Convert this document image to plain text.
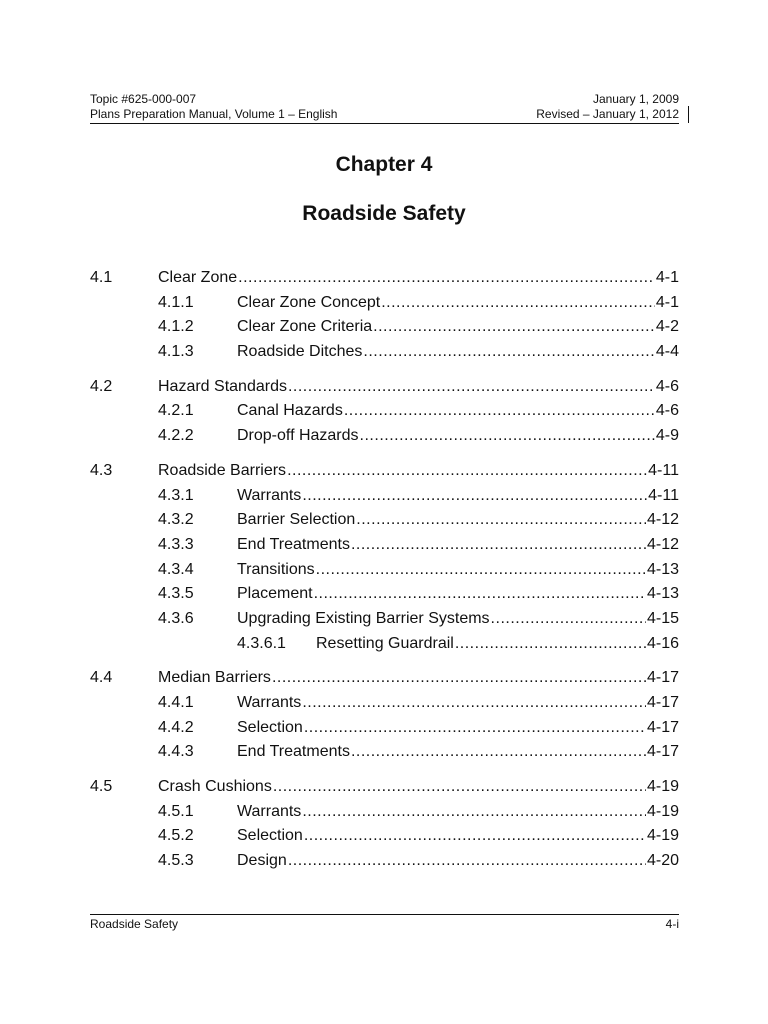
Topic #625-000-007	January 1, 2009
Plans Preparation Manual, Volume 1 – English	Revised – January 1, 2012
Chapter 4
Roadside Safety
4.1	Clear Zone .....	4-1
4.1.1	Clear Zone Concept .....	4-1
4.1.2	Clear Zone Criteria .....	4-2
4.1.3	Roadside Ditches .....	4-4
4.2	Hazard Standards .....	4-6
4.2.1	Canal Hazards .....	4-6
4.2.2	Drop-off Hazards .....	4-9
4.3	Roadside Barriers .....	4-11
4.3.1	Warrants .....	4-11
4.3.2	Barrier Selection .....	4-12
4.3.3	End Treatments .....	4-12
4.3.4	Transitions .....	4-13
4.3.5	Placement .....	4-13
4.3.6	Upgrading Existing Barrier Systems .....	4-15
4.3.6.1	Resetting Guardrail .....	4-16
4.4	Median Barriers .....	4-17
4.4.1	Warrants .....	4-17
4.4.2	Selection .....	4-17
4.4.3	End Treatments .....	4-17
4.5	Crash Cushions .....	4-19
4.5.1	Warrants .....	4-19
4.5.2	Selection .....	4-19
4.5.3	Design .....	4-20
Roadside Safety	4-i
